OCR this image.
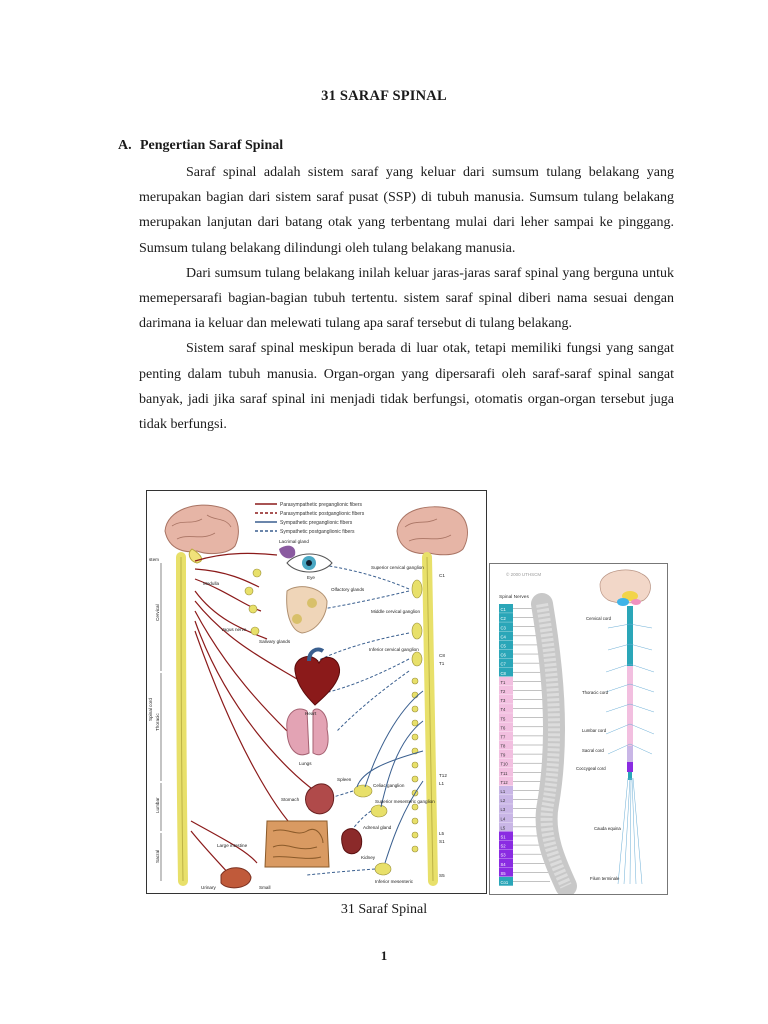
31 SARAF SPINAL
A. Pengertian Saraf Spinal

Saraf spinal adalah sistem saraf yang keluar dari sumsum tulang belakang yang merupakan bagian dari sistem saraf pusat (SSP) di tubuh manusia. Sumsum tulang belakang merupakan lanjutan dari batang otak yang terbentang mulai dari leher sampai ke pinggang. Sumsum tulang belakang dilindungi oleh tulang belakang manusia.

Dari sumsum tulang belakang inilah keluar jaras-jaras saraf spinal yang berguna untuk memepersarafi bagian-bagian tubuh tertentu. sistem saraf spinal diberi nama sesuai dengan darimana ia keluar dan melewati tulang apa saraf tersebut di tulang belakang.

Sistem saraf spinal meskipun berada di luar otak, tetapi memiliki fungsi yang sangat penting dalam tubuh manusia. Organ-organ yang dipersarafi oleh saraf-saraf spinal sangat banyak, jadi jika saraf spinal ini menjadi tidak berfungsi, otomatis organ-organ tersebut juga tidak berfungsi.

Parasympathetic preganglionic fibers
Parasympathetic postganglionic fibers
Sympathetic preganglionic fibers
Sympathetic postganglionic fibers
stem
Lacrimal gland
Eye
Medulla
Vagus nerve
Olfactory glands
Salivary glands
Heart
Lungs
Spleen
Stomach
Large intestine
Urinary	Small
Kidney
Adrenal gland
Superior cervical ganglion
Middle cervical ganglion
Inferior cervical ganglion
Celiac ganglion
Superior mesenteric ganglion
Inferior mesenteric
C1
C8
T1
T12
L1
L5
S1
S5
Cervical
Thoracic
Lumbar
Sacral
Spinal cord
© 2000 UTHSCM
Spinal Nerves
C1
C2
C3
C4
C5
C6
C7
C8
T1
T2
T3
T4
T5
T6
T7
T8
T9
T10
T11
T12
L1
L2
L3
L4
L5
S1
S2
S3
S4
S5
Co1
Cervical cord
Thoracic cord
Lumbar cord
Sacral cord
Coccygeal cord
Cauda equina
Filum terminale
31 Saraf Spinal
1
